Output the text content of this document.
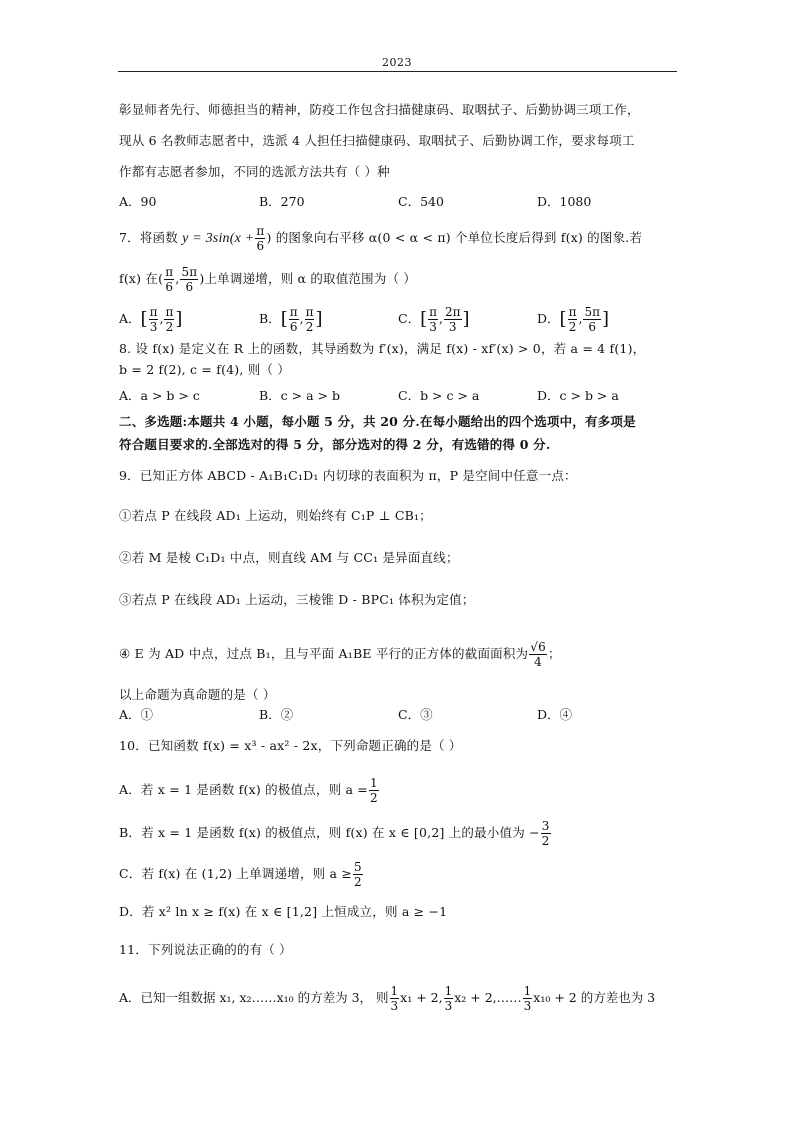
2023
彰显师者先行、师德担当的精神，防疫工作包含扫描健康码、取咽拭子、后勤协调三项工作，
现从 6 名教师志愿者中，选派 4 人担任扫描健康码、取咽拭子、后勤协调工作，要求每项工
作都有志愿者参加，不同的选派方法共有（ ）种
A．90	B．270	C．540	D．1080
7．将函数 $y = 3\sin(x + \frac{\pi}{6}$ ) 的图象向右平移 α(0 < α < π) 个单位长度后得到 f(x) 的图象.若
f(x) 在( $\frac{\pi}{6}$ , $\frac{5\pi}{6}$ )上单调递增，则 α 的取值范围为（ ）
A．[ $\frac{\pi}{3}$ , $\frac{\pi}{2}$ ]	B．[ $\frac{\pi}{6}$ , $\frac{\pi}{2}$ ]	C．[ $\frac{\pi}{3}$ , $\frac{2\pi}{3}$ ]	D．[ $\frac{\pi}{2}$ , $\frac{5\pi}{6}$ ]
8. 设 f(x) 是定义在 R 上的函数，其导函数为 f′(x)，满足 f(x) - xf′(x) > 0，若 a = 4 f(1)，
b = 2 f(2), c = f(4), 则（ ）
A．a > b > c	B．c > a > b	C．b > c > a	D．c > b > a
二、多选题:本题共 4 小题，每小题 5 分，共 20 分.在每小题给出的四个选项中，有多项是
符合题目要求的.全部选对的得 5 分，部分选对的得 2 分，有选错的得 0 分.
9．已知正方体 ABCD - A₁B₁C₁D₁ 内切球的表面积为 π，P 是空间中任意一点：
①若点 P 在线段 AD₁ 上运动，则始终有 C₁P ⊥ CB₁；
②若 M 是棱 C₁D₁ 中点，则直线 AM 与 CC₁ 是异面直线；
③若点 P 在线段 AD₁ 上运动，三棱锥 D - BPC₁ 体积为定值；
④ E 为 AD 中点，过点 B₁，且与平面 A₁BE 平行的正方体的截面面积为 $\frac{√6}{4}$ ；
以上命题为真命题的是（ ）
A．①	B．②	C．③	D．④
10．已知函数 f(x) = x³ - ax² - 2x，下列命题正确的是（ ）
A．若 x = 1 是函数 f(x) 的极值点，则 $a = \frac{1}{2}$
B．若 x = 1 是函数 f(x) 的极值点，则 f(x) 在 x ∈ [0,2] 上的最小值为 − $\frac{3}{2}$
C．若 f(x) 在 (1,2) 上单调递增，则 $a \ge \frac{5}{2}$
D．若 x² ln x ≥ f(x) 在 x ∈ [1,2] 上恒成立，则 a ≥ −1
11．下列说法正确的的有（ ）
A．已知一组数据 x₁, x₂……x₁₀ 的方差为 3， 则 $\frac{1}{3} x_1 + 2$, $\frac{1}{3} x_2$ + 2,…… $\frac{1}{3} x_{10} + 2$ 的方差也为 3
